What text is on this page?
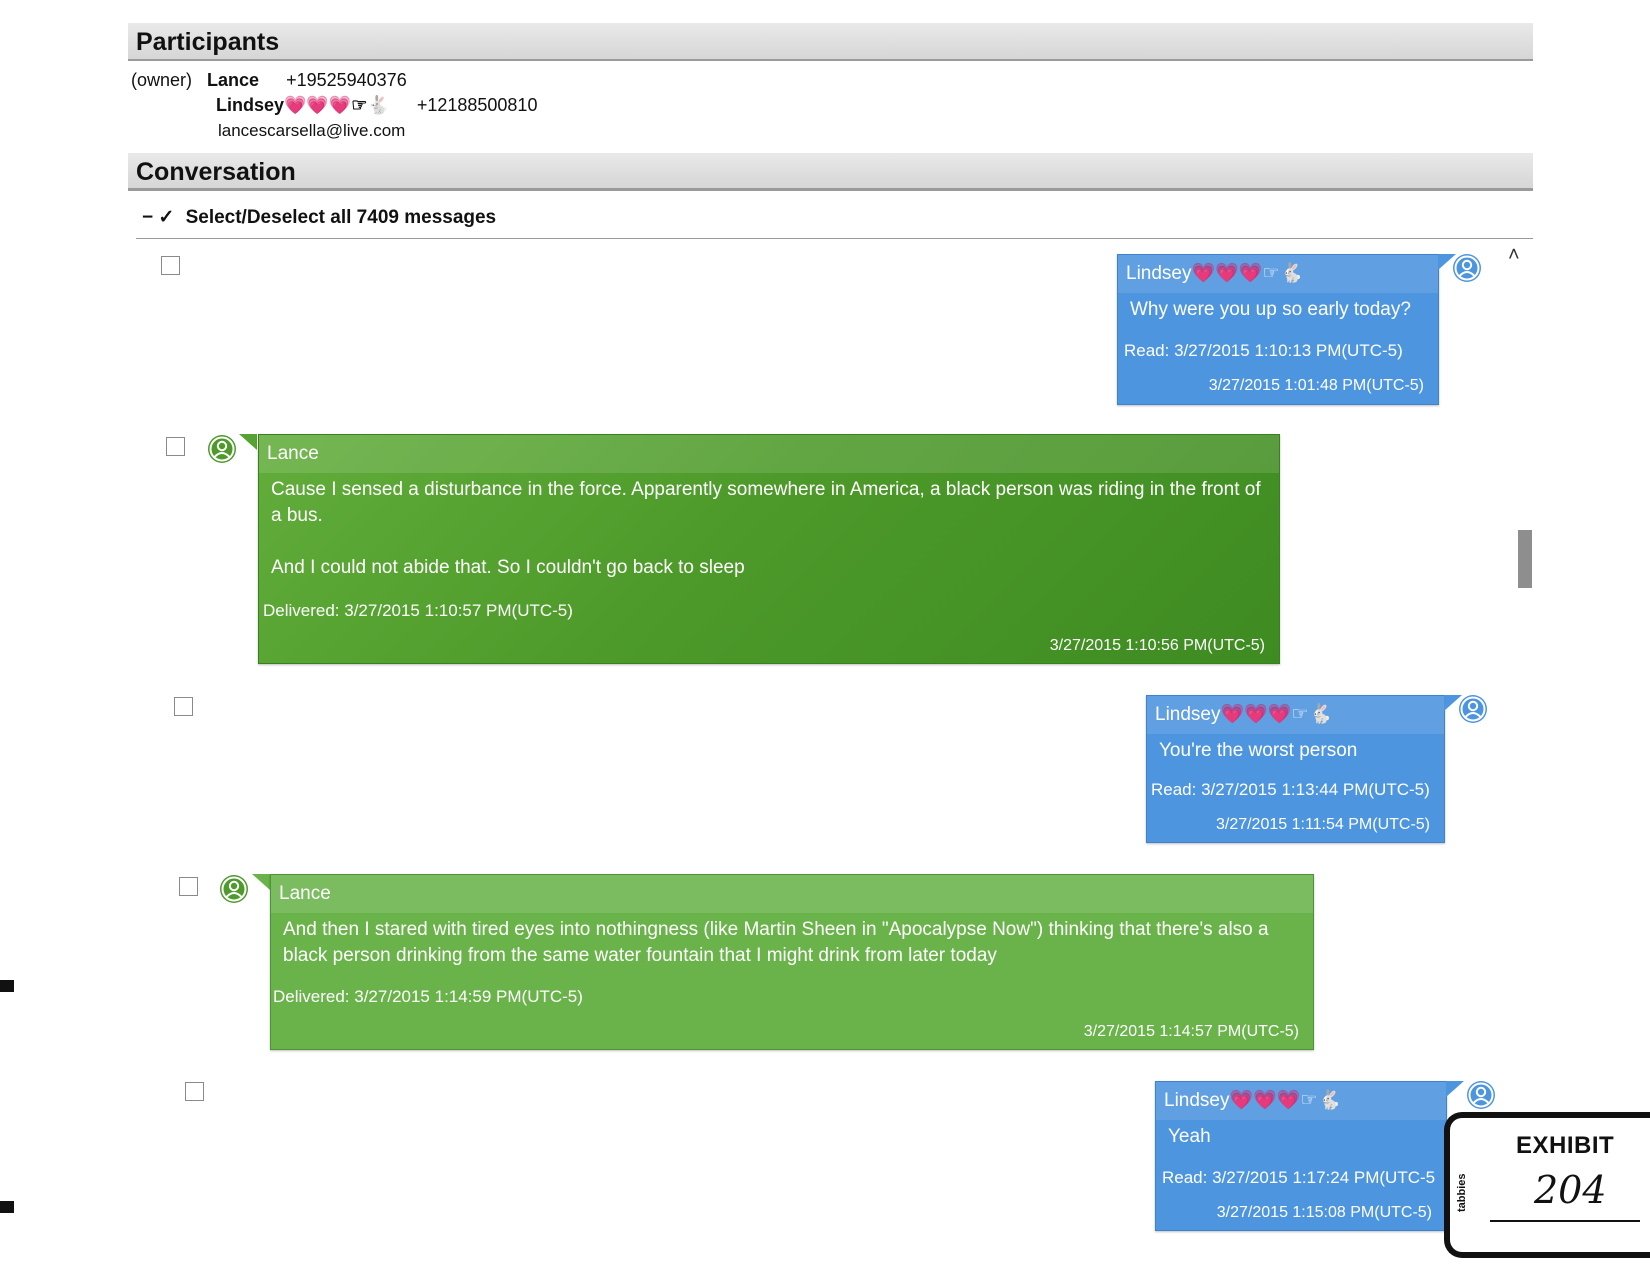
Participants
(owner) Lance +19525940376
Lindsey💗💗💗☞🐇 +12188500810
lancescarsella@live.com
Conversation
− ✓ Select/Deselect all 7409 messages
˄
Lindsey💗💗💗☞🐇
Why were you up so early today?
Read: 3/27/2015 1:10:13 PM(UTC-5)
3/27/2015 1:01:48 PM(UTC-5)
Lance
Cause I sensed a disturbance in the force. Apparently somewhere in America, a black person was riding in the front of a bus.
And I could not abide that. So I couldn't go back to sleep
Delivered: 3/27/2015 1:10:57 PM(UTC-5)
3/27/2015 1:10:56 PM(UTC-5)
Lindsey💗💗💗☞🐇
You're the worst person
Read: 3/27/2015 1:13:44 PM(UTC-5)
3/27/2015 1:11:54 PM(UTC-5)
Lance
And then I stared with tired eyes into nothingness (like Martin Sheen in "Apocalypse Now") thinking that there's also a black person drinking from the same water fountain that I might drink from later today
Delivered: 3/27/2015 1:14:59 PM(UTC-5)
3/27/2015 1:14:57 PM(UTC-5)
Lindsey💗💗💗☞🐇
Yeah
Read: 3/27/2015 1:17:24 PM(UTC-5
3/27/2015 1:15:08 PM(UTC-5)
tabbies
EXHIBIT
204
